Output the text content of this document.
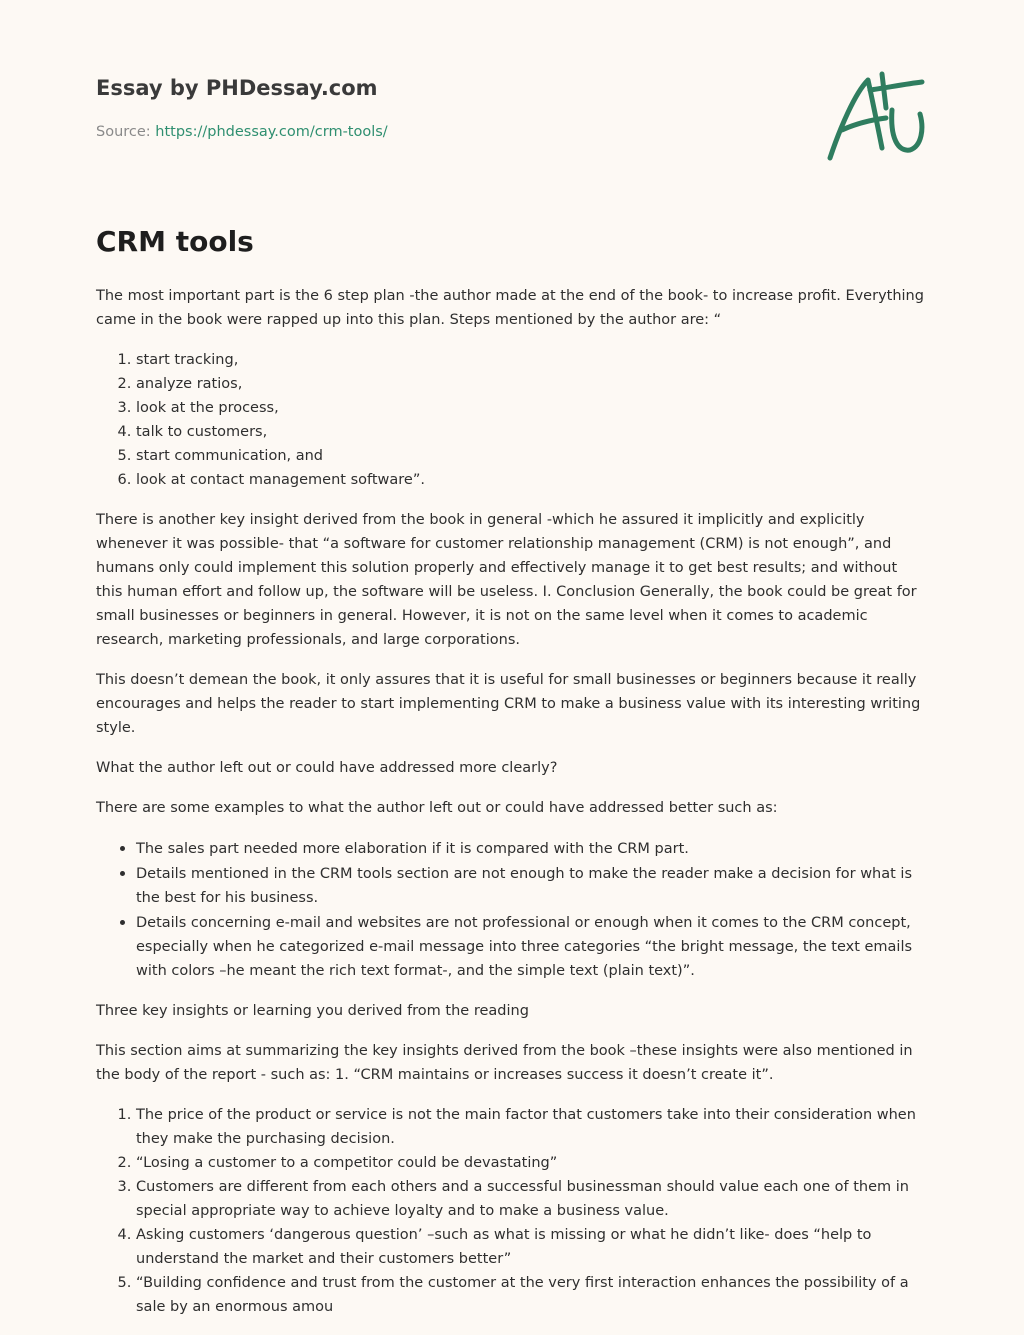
Essay by PHDessay.com
Source: https://phdessay.com/crm-tools/
CRM tools

The most important part is the 6 step plan -the author made at the end of the book- to increase profit. Everything came in the book were rapped up into this plan. Steps mentioned by the author are: “

1. start tracking,
2. analyze ratios,
3. look at the process,
4. talk to customers,
5. start communication, and
6. look at contact management software”.

There is another key insight derived from the book in general -which he assured it implicitly and explicitly whenever it was possible- that “a software for customer relationship management (CRM) is not enough”, and humans only could implement this solution properly and effectively manage it to get best results; and without this human effort and follow up, the software will be useless. I. Conclusion Generally, the book could be great for small businesses or beginners in general. However, it is not on the same level when it comes to academic research, marketing professionals, and large corporations.

This doesn’t demean the book, it only assures that it is useful for small businesses or beginners because it really encourages and helps the reader to start implementing CRM to make a business value with its interesting writing style.

What the author left out or could have addressed more clearly?

There are some examples to what the author left out or could have addressed better such as:

• The sales part needed more elaboration if it is compared with the CRM part.
• Details mentioned in the CRM tools section are not enough to make the reader make a decision for what is the best for his business.
• Details concerning e-mail and websites are not professional or enough when it comes to the CRM concept, especially when he categorized e-mail message into three categories “the bright message, the text emails with colors –he meant the rich text format-, and the simple text (plain text)”.

Three key insights or learning you derived from the reading

This section aims at summarizing the key insights derived from the book –these insights were also mentioned in the body of the report - such as: 1. “CRM maintains or increases success it doesn’t create it”.

1. The price of the product or service is not the main factor that customers take into their consideration when they make the purchasing decision.
2. “Losing a customer to a competitor could be devastating”
3. Customers are different from each others and a successful businessman should value each one of them in special appropriate way to achieve loyalty and to make a business value.
4. Asking customers ‘dangerous question’ –such as what is missing or what he didn’t like- does “help to understand the market and their customers better”
5. “Building confidence and trust from the customer at the very first interaction enhances the possibility of a sale by an enormous amou
